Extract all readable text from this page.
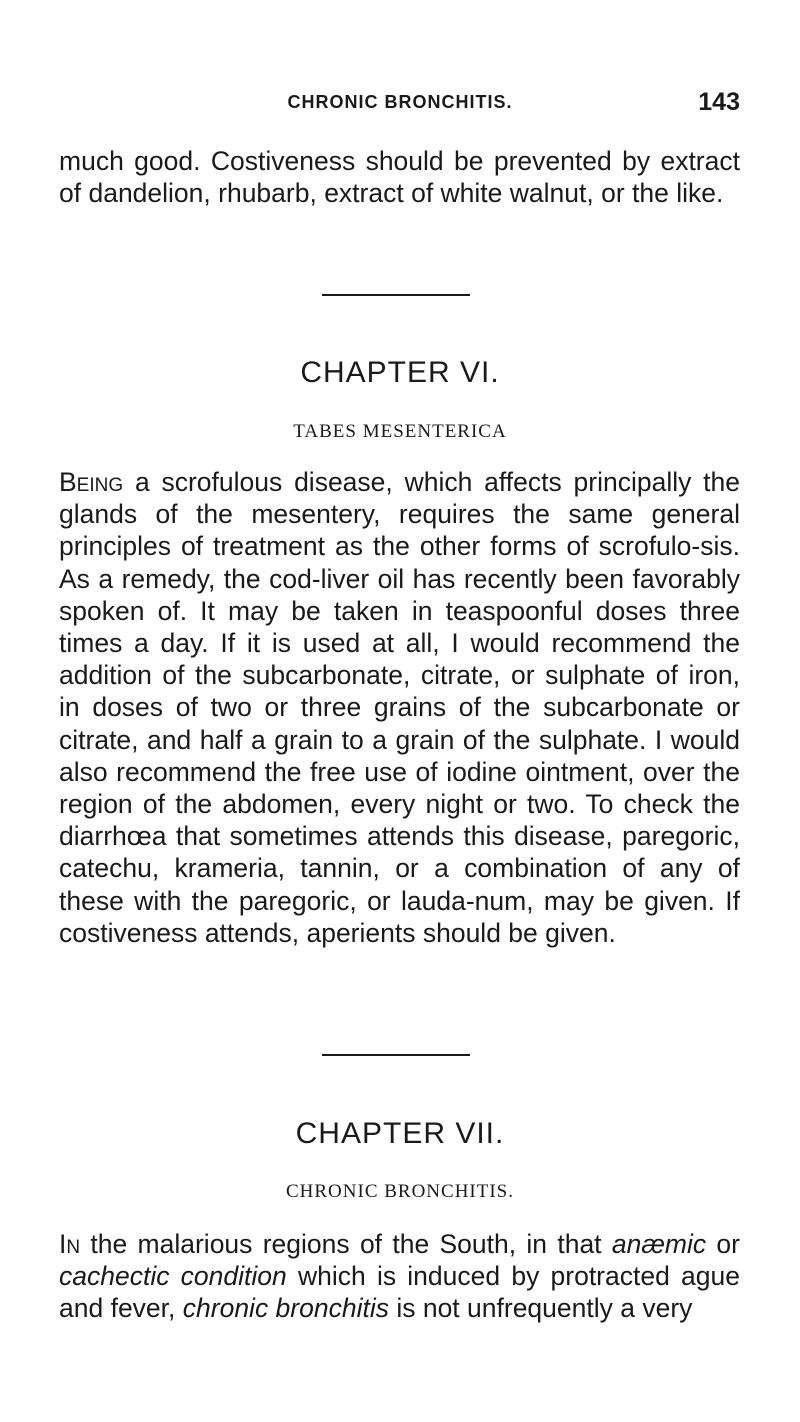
CHRONIC BRONCHITIS.	143

much good. Costiveness should be prevented by extract of dandelion, rhubarb, extract of white walnut, or the like.

CHAPTER VI.
TABES MESENTERICA

Being a scrofulous disease, which affects principally the glands of the mesentery, requires the same general principles of treatment as the other forms of scrofulo-sis. As a remedy, the cod-liver oil has recently been favorably spoken of. It may be taken in teaspoonful doses three times a day. If it is used at all, I would recommend the addition of the subcarbonate, citrate, or sulphate of iron, in doses of two or three grains of the subcarbonate or citrate, and half a grain to a grain of the sulphate. I would also recommend the free use of iodine ointment, over the region of the abdomen, every night or two. To check the diarrhœa that sometimes attends this disease, paregoric, catechu, krameria, tannin, or a combination of any of these with the paregoric, or lauda-num, may be given. If costiveness attends, aperients should be given.

CHAPTER VII.
CHRONIC BRONCHITIS.

In the malarious regions of the South, in that anæmic or cachectic condition which is induced by protracted ague and fever, chronic bronchitis is not unfrequently a very
